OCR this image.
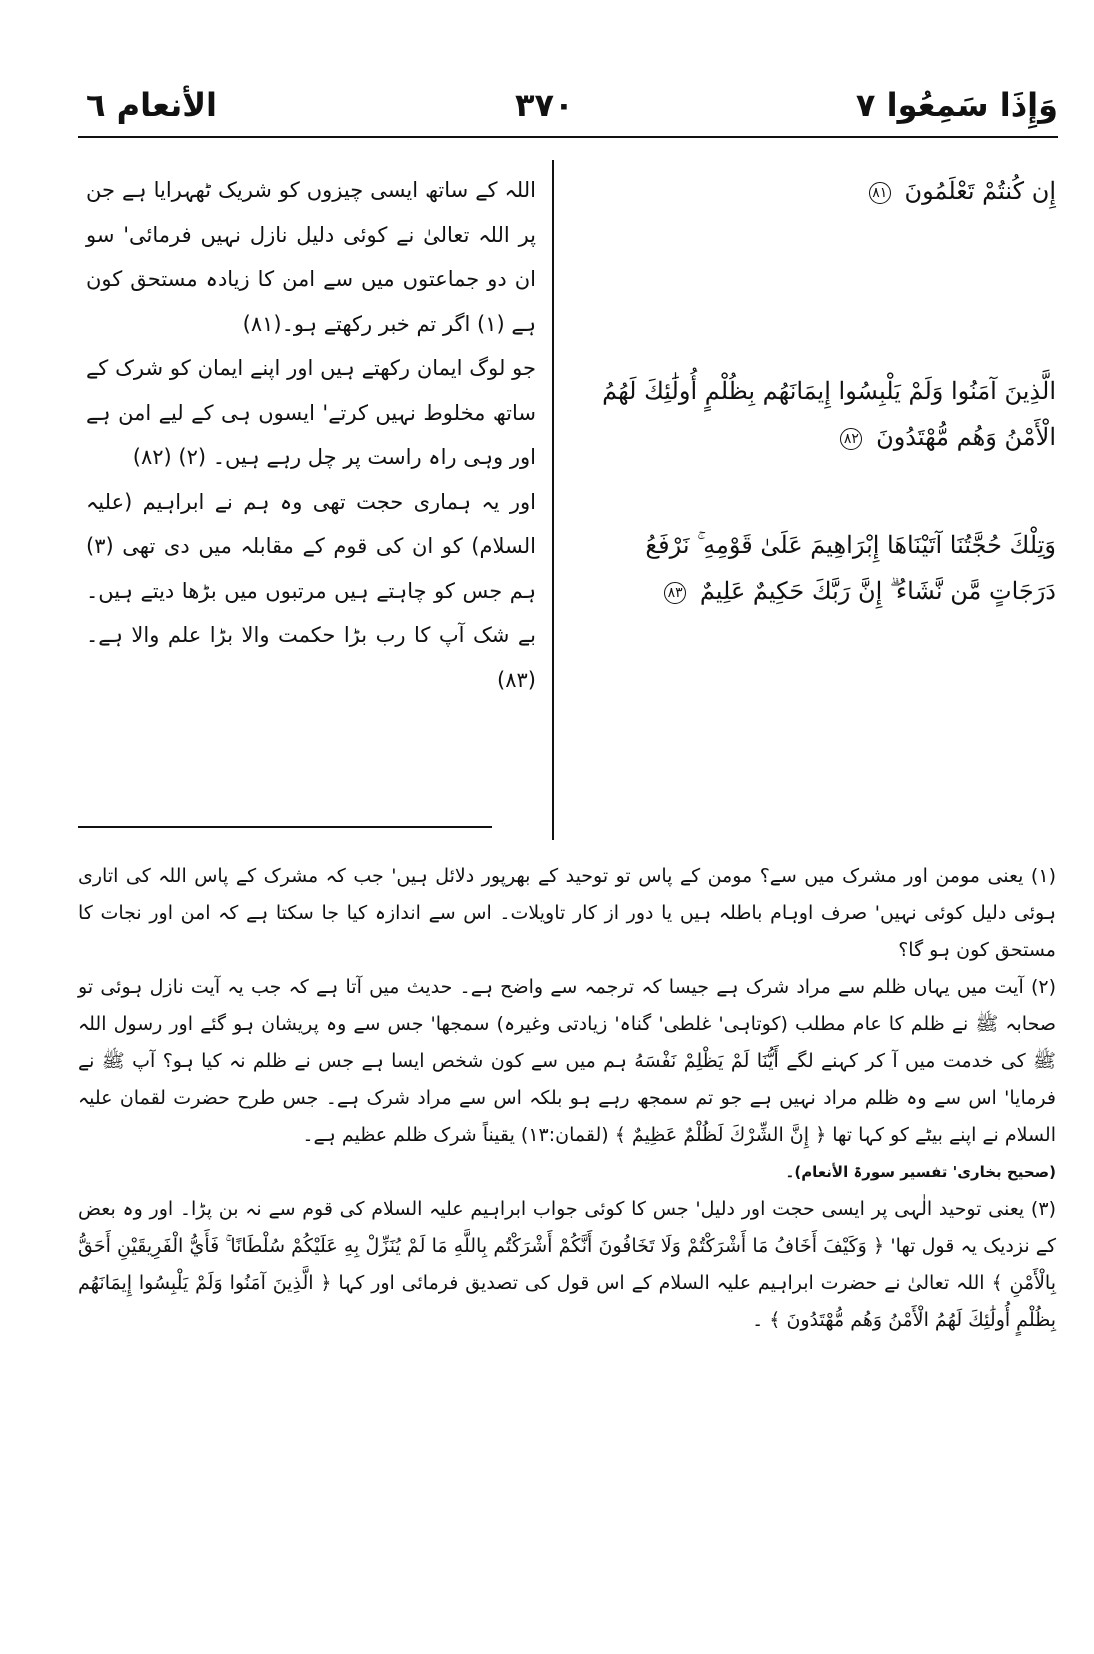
وَإِذَا سَمِعُوا ٧
٣٧٠
الأنعام ٦

إِن كُنتُمْ تَعْلَمُونَ ٨١

الَّذِينَ آمَنُوا وَلَمْ يَلْبِسُوا إِيمَانَهُم بِظُلْمٍ أُولَٰئِكَ لَهُمُ الْأَمْنُ وَهُم مُّهْتَدُونَ ٨٢

وَتِلْكَ حُجَّتُنَا آتَيْنَاهَا إِبْرَاهِيمَ عَلَىٰ قَوْمِهِ ۚ نَرْفَعُ دَرَجَاتٍ مَّن نَّشَاءُ ۗ إِنَّ رَبَّكَ حَكِيمٌ عَلِيمٌ ٨٣

اللہ کے ساتھ ایسی چیزوں کو شریک ٹھہرایا ہے جن پر اللہ تعالیٰ نے کوئی دلیل نازل نہیں فرمائی' سو ان دو جماعتوں میں سے امن کا زیادہ مستحق کون ہے (۱) اگر تم خبر رکھتے ہو۔(۸۱)

جو لوگ ایمان رکھتے ہیں اور اپنے ایمان کو شرک کے ساتھ مخلوط نہیں کرتے' ایسوں ہی کے لیے امن ہے اور وہی راہ راست پر چل رہے ہیں۔ (۲) (۸۲)

اور یہ ہماری حجت تھی وہ ہم نے ابراہیم (علیہ السلام) کو ان کی قوم کے مقابلہ میں دی تھی (۳) ہم جس کو چاہتے ہیں مرتبوں میں بڑھا دیتے ہیں۔ بے شک آپ کا رب بڑا حکمت والا بڑا علم والا ہے۔(۸۳)

(۱) یعنی مومن اور مشرک میں سے؟ مومن کے پاس تو توحید کے بھرپور دلائل ہیں' جب کہ مشرک کے پاس اللہ کی اتاری ہوئی دلیل کوئی نہیں' صرف اوہام باطلہ ہیں یا دور از کار تاویلات۔ اس سے اندازہ کیا جا سکتا ہے کہ امن اور نجات کا مستحق کون ہو گا؟

(۲) آیت میں یہاں ظلم سے مراد شرک ہے جیسا کہ ترجمہ سے واضح ہے۔ حدیث میں آتا ہے کہ جب یہ آیت نازل ہوئی تو صحابہ ﷺ نے ظلم کا عام مطلب (کوتاہی' غلطی' گناہ' زیادتی وغیرہ) سمجھا' جس سے وہ پریشان ہو گئے اور رسول اللہ ﷺ کی خدمت میں آ کر کہنے لگے أَيُّنَا لَمْ يَظْلِمْ نَفْسَهُ ہم میں سے کون شخص ایسا ہے جس نے ظلم نہ کیا ہو؟ آپ ﷺ نے فرمایا' اس سے وہ ظلم مراد نہیں ہے جو تم سمجھ رہے ہو بلکہ اس سے مراد شرک ہے۔ جس طرح حضرت لقمان علیہ السلام نے اپنے بیٹے کو کہا تھا ﴿ إِنَّ الشِّرْكَ لَظُلْمٌ عَظِيمٌ ﴾ (لقمان:۱۳) یقیناً شرک ظلم عظیم ہے۔

(صحیح بخاری' تفسیر سورۃ الأنعام)۔

(۳) یعنی توحید الٰہی پر ایسی حجت اور دلیل' جس کا کوئی جواب ابراہیم علیہ السلام کی قوم سے نہ بن پڑا۔ اور وہ بعض کے نزدیک یہ قول تھا' ﴿ وَكَيْفَ أَخَافُ مَا أَشْرَكْتُمْ وَلَا تَخَافُونَ أَنَّكُمْ أَشْرَكْتُم بِاللَّهِ مَا لَمْ يُنَزِّلْ بِهِ عَلَيْكُمْ سُلْطَانًا ۚ فَأَيُّ الْفَرِيقَيْنِ أَحَقُّ بِالْأَمْنِ ﴾ اللہ تعالیٰ نے حضرت ابراہیم علیہ السلام کے اس قول کی تصدیق فرمائی اور کہا ﴿ الَّذِينَ آمَنُوا وَلَمْ يَلْبِسُوا إِيمَانَهُم بِظُلْمٍ أُولَٰئِكَ لَهُمُ الْأَمْنُ وَهُم مُّهْتَدُونَ ﴾ ۔
